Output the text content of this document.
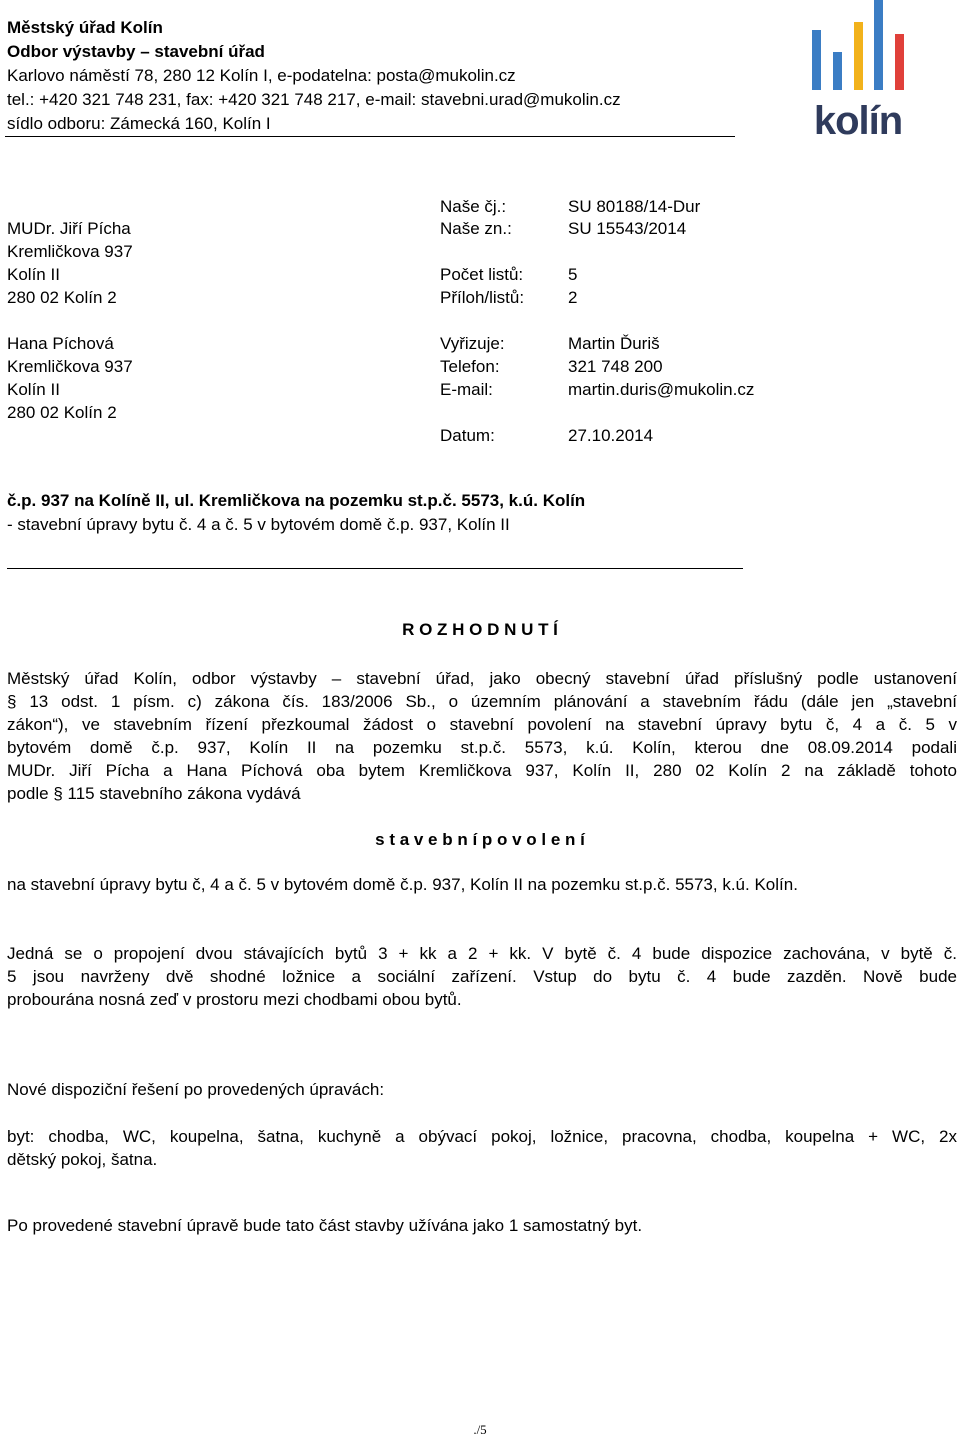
Městský úřad Kolín
Odbor výstavby – stavební úřad
Karlovo náměstí 78, 280 12 Kolín I, e-podatelna: posta@mukolin.cz
tel.: +420 321 748 231, fax: +420 321 748 217, e-mail: stavebni.urad@mukolin.cz
sídlo odboru: Zámecká 160, Kolín I	kolín
MUDr. Jiří Pícha
Kremličkova 937
Kolín II
280 02 Kolín 2
Hana Píchová
Kremličkova 937
Kolín II
280 02 Kolín 2
Naše čj.:	SU 80188/14-Dur
Naše zn.:	SU 15543/2014
Počet listů:	5
Příloh/listů:	2
Vyřizuje:	Martin Ďuriš
Telefon:	321 748 200
E-mail:	martin.duris@mukolin.cz
Datum:	27.10.2014
č.p. 937 na Kolíně II, ul. Kremličkova na pozemku st.p.č. 5573, k.ú. Kolín
- stavební úpravy bytu č. 4 a č. 5 v bytovém domě č.p. 937, Kolín II
R O Z H O D N U T Í
Městský úřad Kolín, odbor výstavby – stavební úřad, jako obecný stavební úřad příslušný podle ustanovení
§ 13 odst. 1 písm. c) zákona čís. 183/2006 Sb., o územním plánování a stavebním řádu (dále jen „stavební
zákon“), ve stavebním řízení přezkoumal žádost o stavební povolení na stavební úpravy bytu č, 4 a č. 5 v
bytovém domě č.p. 937, Kolín II na pozemku st.p.č. 5573, k.ú. Kolín, kterou dne 08.09.2014 podali
MUDr. Jiří Pícha a Hana Píchová oba bytem Kremličkova 937, Kolín II, 280 02 Kolín 2 na základě tohoto
podle § 115 stavebního zákona vydává
s t a v e b n í p o v o l e n í
na stavební úpravy bytu č, 4 a č. 5 v bytovém domě č.p. 937, Kolín II na pozemku st.p.č. 5573, k.ú. Kolín.
Jedná se o propojení dvou stávajících bytů 3 + kk a 2 + kk. V bytě č. 4 bude dispozice zachována, v bytě č.
5 jsou navrženy dvě shodné ložnice a sociální zařízení. Vstup do bytu č. 4 bude zazděn. Nově bude
probourána nosná zeď v prostoru mezi chodbami obou bytů.
Nové dispoziční řešení po provedených úpravách:
byt: chodba, WC, koupelna, šatna, kuchyně a obývací pokoj, ložnice, pracovna, chodba, koupelna + WC, 2x
dětský pokoj, šatna.
Po provedené stavební úpravě bude tato část stavby užívána jako 1 samostatný byt.
./5
